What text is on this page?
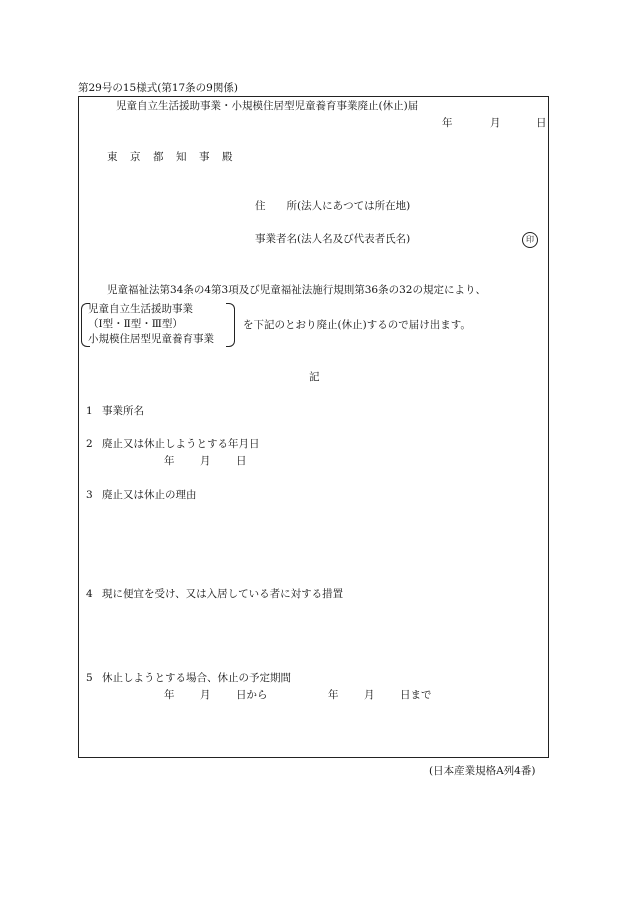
第29号の15様式(第17条の9関係)
児童自立生活援助事業・小規模住居型児童養育事業廃止(休止)届
年	月	日
東　京　都　知　事　殿
住　　所(法人にあつては所在地)
事業者名(法人名及び代表者氏名)	印
児童福祉法第34条の4第3項及び児童福祉法施行規則第36条の32の規定により、
児童自立生活援助事業
（Ⅰ型・Ⅱ型・Ⅲ型）
小規模住居型児童養育事業
を下記のとおり廃止(休止)するので届け出ます。
記
1 事業所名
2 廃止又は休止しようとする年月日
年 月 日
3 廃止又は休止の理由
4 現に便宜を受け、又は入居している者に対する措置
5 休止しようとする場合、休止の予定期間
年 月 日から	年 月 日まで
(日本産業規格A列4番)
